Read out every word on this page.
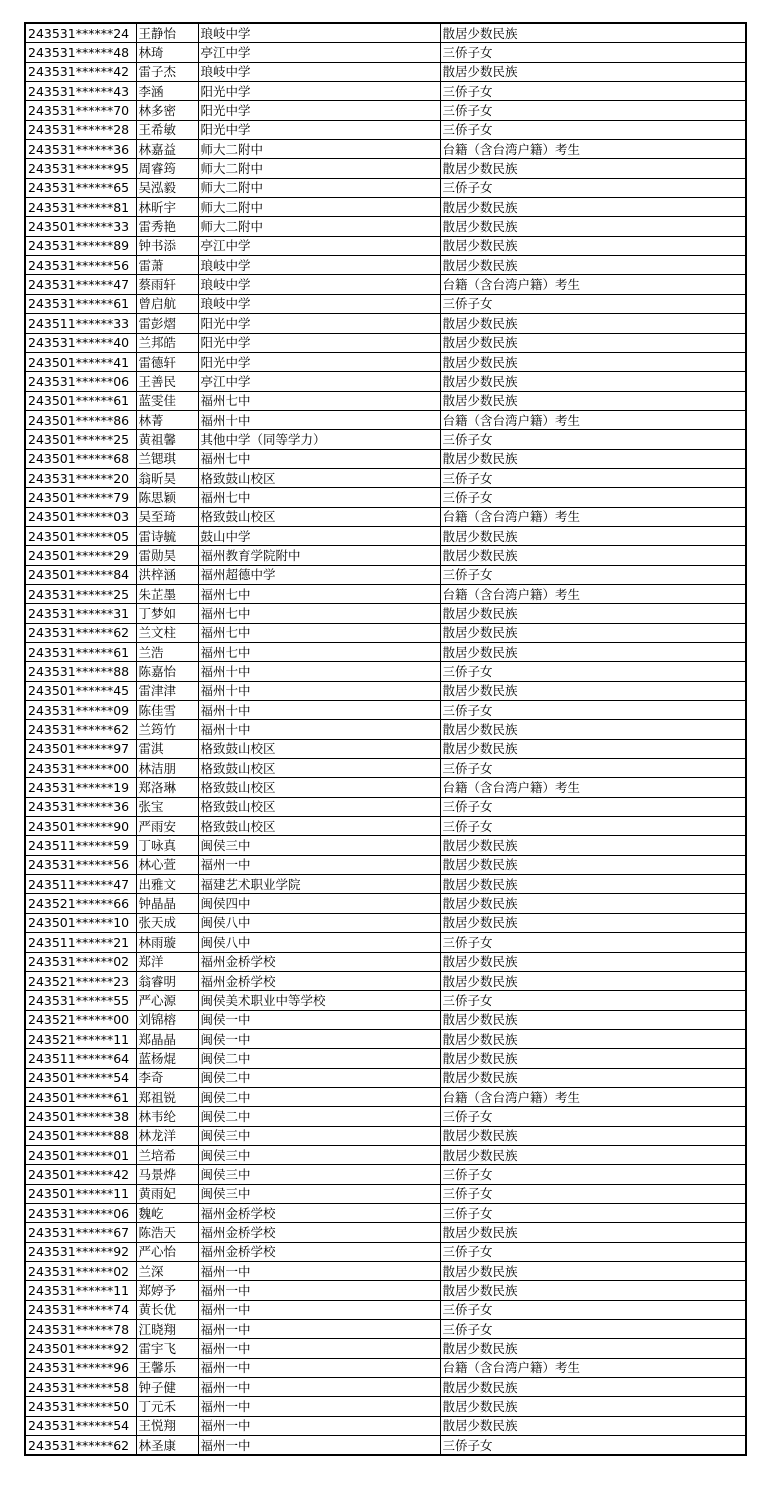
243531******24	王静怡	琅岐中学	散居少数民族
243531******48	林琦	亭江中学	三侨子女
243531******42	雷子杰	琅岐中学	散居少数民族
243531******43	李涵	阳光中学	三侨子女
243531******70	林多密	阳光中学	三侨子女
243531******28	王希敏	阳光中学	三侨子女
243531******36	林嘉益	师大二附中	台籍（含台湾户籍）考生
243531******95	周睿筠	师大二附中	散居少数民族
243531******65	吴泓毅	师大二附中	三侨子女
243531******81	林昕宇	师大二附中	散居少数民族
243501******33	雷秀艳	师大二附中	散居少数民族
243531******89	钟书添	亭江中学	散居少数民族
243531******56	雷萧	琅岐中学	散居少数民族
243531******47	蔡雨轩	琅岐中学	台籍（含台湾户籍）考生
243531******61	曾启航	琅岐中学	三侨子女
243511******33	雷彭熠	阳光中学	散居少数民族
243531******40	兰邦皓	阳光中学	散居少数民族
243501******41	雷德轩	阳光中学	散居少数民族
243531******06	王善民	亭江中学	散居少数民族
243501******61	蓝雯佳	福州七中	散居少数民族
243501******86	林菁	福州十中	台籍（含台湾户籍）考生
243501******25	黄祖馨	其他中学（同等学力）	三侨子女
243501******68	兰锶琪	福州七中	散居少数民族
243531******20	翁昕昊	格致鼓山校区	三侨子女
243501******79	陈思颖	福州七中	三侨子女
243501******03	吴至琦	格致鼓山校区	台籍（含台湾户籍）考生
243501******05	雷诗毓	鼓山中学	散居少数民族
243501******29	雷勋昊	福州教育学院附中	散居少数民族
243501******84	洪梓涵	福州超德中学	三侨子女
243531******25	朱芷墨	福州七中	台籍（含台湾户籍）考生
243531******31	丁梦如	福州七中	散居少数民族
243531******62	兰文柱	福州七中	散居少数民族
243531******61	兰浩	福州七中	散居少数民族
243531******88	陈嘉怡	福州十中	三侨子女
243501******45	雷津津	福州十中	散居少数民族
243531******09	陈佳雪	福州十中	三侨子女
243531******62	兰筠竹	福州十中	散居少数民族
243501******97	雷淇	格致鼓山校区	散居少数民族
243531******00	林洁朋	格致鼓山校区	三侨子女
243531******19	郑洛琳	格致鼓山校区	台籍（含台湾户籍）考生
243531******36	张宝	格致鼓山校区	三侨子女
243501******90	严雨安	格致鼓山校区	三侨子女
243511******59	丁咏真	闽侯三中	散居少数民族
243531******56	林心萱	福州一中	散居少数民族
243511******47	出雅文	福建艺术职业学院	散居少数民族
243521******66	钟晶晶	闽侯四中	散居少数民族
243501******10	张天成	闽侯八中	散居少数民族
243511******21	林雨璇	闽侯八中	三侨子女
243531******02	郑洋	福州金桥学校	散居少数民族
243521******23	翁睿明	福州金桥学校	散居少数民族
243531******55	严心源	闽侯美术职业中等学校	三侨子女
243521******00	刘锦榕	闽侯一中	散居少数民族
243521******11	郑晶晶	闽侯一中	散居少数民族
243511******64	蓝杨焜	闽侯二中	散居少数民族
243501******54	李奇	闽侯二中	散居少数民族
243501******61	郑祖锐	闽侯二中	台籍（含台湾户籍）考生
243501******38	林韦纶	闽侯二中	三侨子女
243501******88	林龙洋	闽侯三中	散居少数民族
243501******01	兰培希	闽侯三中	散居少数民族
243501******42	马景烨	闽侯三中	三侨子女
243501******11	黄雨妃	闽侯三中	三侨子女
243531******06	魏屹	福州金桥学校	三侨子女
243531******67	陈浩天	福州金桥学校	散居少数民族
243531******92	严心怡	福州金桥学校	三侨子女
243531******02	兰深	福州一中	散居少数民族
243531******11	郑婷予	福州一中	散居少数民族
243531******74	黄长优	福州一中	三侨子女
243531******78	江晓翔	福州一中	三侨子女
243501******92	雷宇飞	福州一中	散居少数民族
243531******96	王馨乐	福州一中	台籍（含台湾户籍）考生
243531******58	钟子健	福州一中	散居少数民族
243531******50	丁元禾	福州一中	散居少数民族
243531******54	王悦翔	福州一中	散居少数民族
243531******62	林圣康	福州一中	三侨子女
